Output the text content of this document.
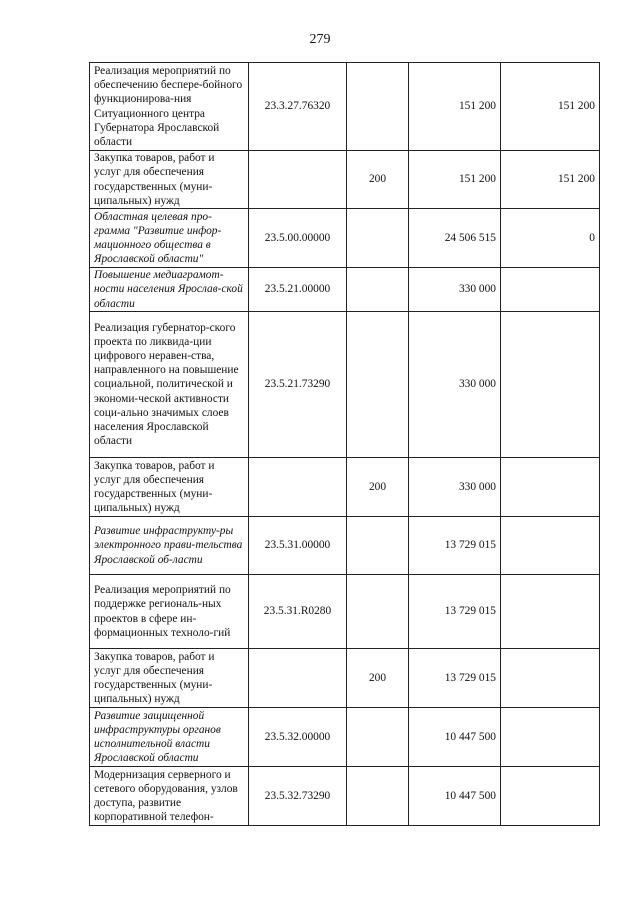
279
Реализация мероприятий по обеспечению беспере-бойного функционирова-ния Ситуационного центра Губернатора Ярославской области	23.3.27.76320		151 200	151 200
Закупка товаров, работ и услуг для обеспечения государственных (муни-ципальных) нужд		200	151 200	151 200
Областная целевая про-грамма "Развитие инфор-мационного общества в Ярославской области"	23.5.00.00000		24 506 515	0
Повышение медиаграмот-ности населения Ярослав-ской области	23.5.21.00000		330 000	
Реализация губернатор-ского проекта по ликвида-ции цифрового неравен-ства, направленного на повышение социальной, политической и экономи-ческой активности соци-ально значимых слоев населения Ярославской области	23.5.21.73290		330 000	
Закупка товаров, работ и услуг для обеспечения государственных (муни-ципальных) нужд		200	330 000	
Развитие инфраструкту-ры электронного прави-тельства Ярославской об-ласти	23.5.31.00000		13 729 015	
Реализация мероприятий по поддержке региональ-ных проектов в сфере ин-формационных техноло-гий	23.5.31.R0280		13 729 015	
Закупка товаров, работ и услуг для обеспечения государственных (муни-ципальных) нужд		200	13 729 015	
Развитие защищенной инфраструктуры органов исполнительной власти Ярославской области	23.5.32.00000		10 447 500	
Модернизация серверного и сетевого оборудования, узлов доступа, развитие корпоративной телефон-	23.5.32.73290		10 447 500	
